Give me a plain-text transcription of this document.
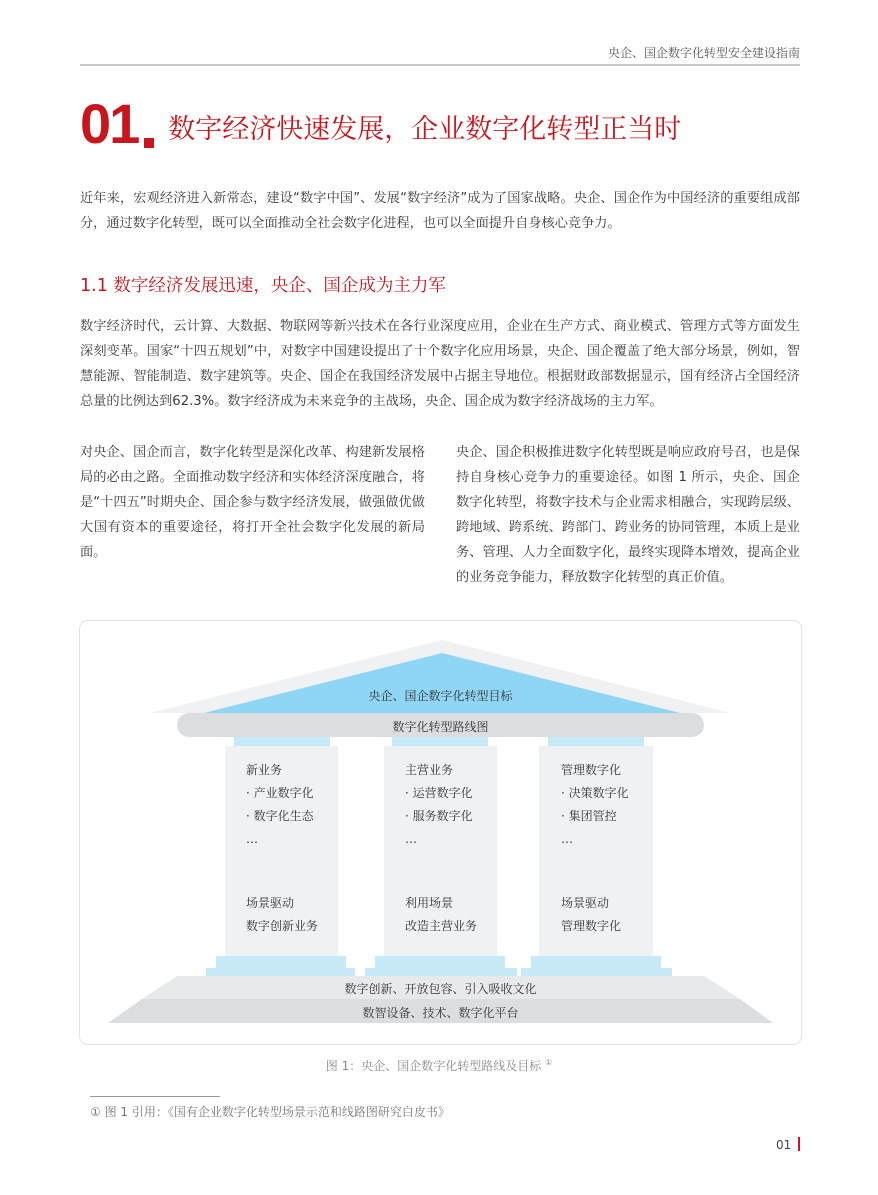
央企、国企数字化转型安全建设指南
01 数字经济快速发展，企业数字化转型正当时
近年来，宏观经济进入新常态，建设“数字中国”、发展“数字经济”成为了国家战略。央企、国企作为中国经济的重要组成部分，通过数字化转型，既可以全面推动全社会数字化进程，也可以全面提升自身核心竞争力。
1.1 数字经济发展迅速，央企、国企成为主力军
数字经济时代，云计算、大数据、物联网等新兴技术在各行业深度应用，企业在生产方式、商业模式、管理方式等方面发生深刻变革。国家“十四五规划”中，对数字中国建设提出了十个数字化应用场景，央企、国企覆盖了绝大部分场景，例如，智慧能源、智能制造、数字建筑等。央企、国企在我国经济发展中占据主导地位。根据财政部数据显示，国有经济占全国经济总量的比例达到62.3%。数字经济成为未来竞争的主战场，央企、国企成为数字经济战场的主力军。
对央企、国企而言，数字化转型是深化改革、构建新发展格局的必由之路。全面推动数字经济和实体经济深度融合，将是“十四五”时期央企、国企参与数字经济发展，做强做优做大国有资本的重要途径，将打开全社会数字化发展的新局面。
央企、国企积极推进数字化转型既是响应政府号召，也是保持自身核心竞争力的重要途径。如图 1 所示，央企、国企数字化转型，将数字技术与企业需求相融合，实现跨层级、跨地域、跨系统、跨部门、跨业务的协同管理，本质上是业务、管理、人力全面数字化，最终实现降本增效，提高企业的业务竞争能力，释放数字化转型的真正价值。
央企、国企数字化转型目标
数字化转型路线图
新业务
· 产业数字化
· 数字化生态
…
场景驱动
数字创新业务
主营业务
· 运营数字化
· 服务数字化
…
利用场景
改造主营业务
管理数字化
· 决策数字化
· 集团管控
…
场景驱动
管理数字化
数字创新、开放包容、引入吸收文化
数智设备、技术、数字化平台
图 1：央企、国企数字化转型路线及目标 ①
① 图 1 引用：《国有企业数字化转型场景示范和线路图研究白皮书》
01
